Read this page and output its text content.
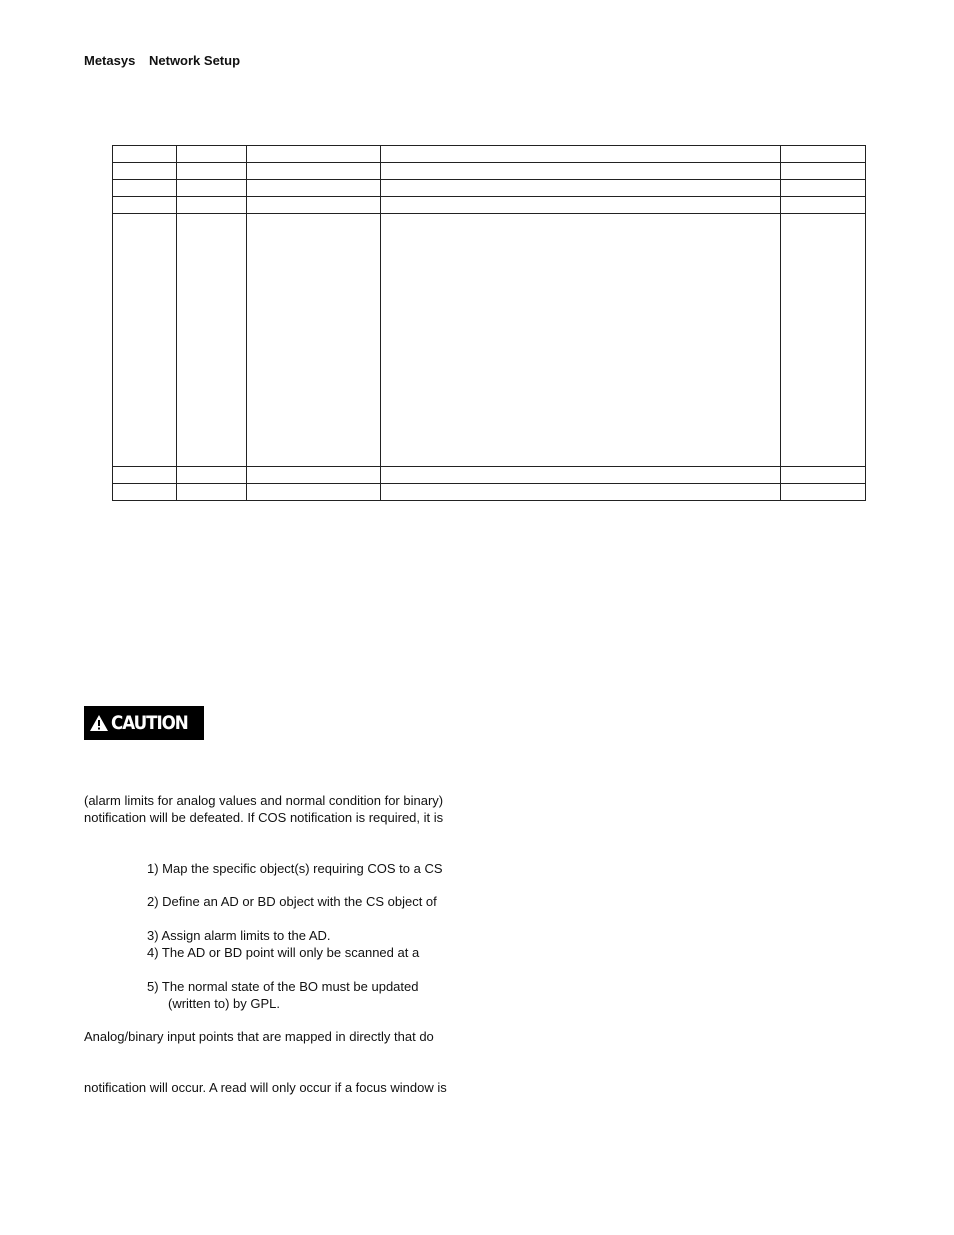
Metasys Network Setup

CAUTION
(alarm limits for analog values and normal condition for binary)
notification will be defeated. If COS notification is required, it is
1) Map the specific object(s) requiring COS to a CS
2) Define an AD or BD object with the CS object of
3) Assign alarm limits to the AD.
4) The AD or BD point will only be scanned at a
5) The normal state of the BO must be updated
(written to) by GPL.
Analog/binary input points that are mapped in directly that do
notification will occur. A read will only occur if a focus window is
